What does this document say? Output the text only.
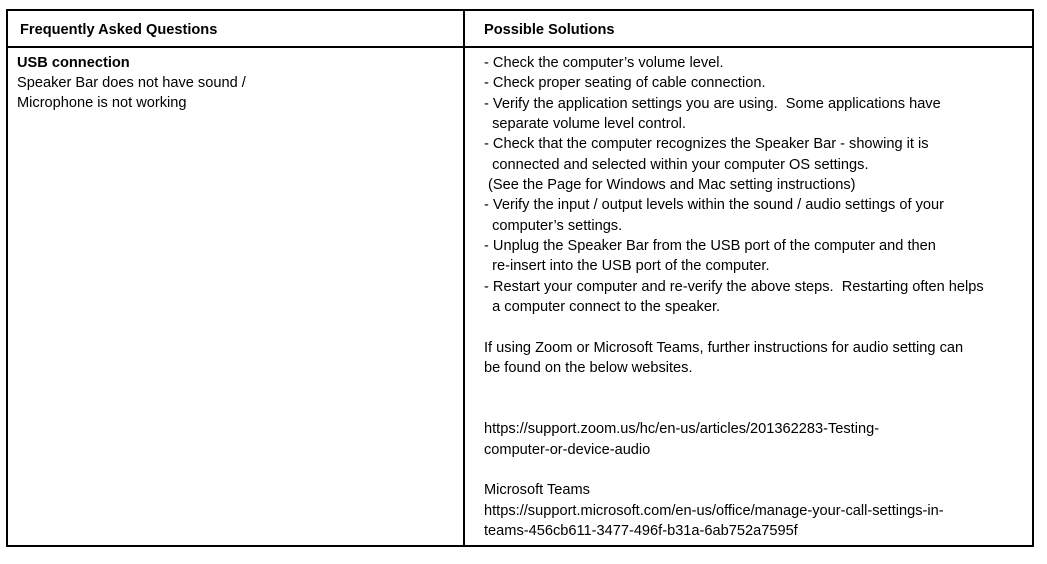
Frequently Asked Questions	Possible Solutions
USB connection
Speaker Bar does not have sound /
Microphone is not working
- Check the computer’s volume level.
- Check proper seating of cable connection.
- Verify the application settings you are using.  Some applications have
separate volume level control.
- Check that the computer recognizes the Speaker Bar - showing it is
connected and selected within your computer OS settings.
(See the Page for Windows and Mac setting instructions)
- Verify the input / output levels within the sound / audio settings of your
computer’s settings.
- Unplug the Speaker Bar from the USB port of the computer and then
re-insert into the USB port of the computer.
- Restart your computer and re-verify the above steps.  Restarting often helps
a computer connect to the speaker.
If using Zoom or Microsoft Teams, further instructions for audio setting can
be found on the below websites.
https://support.zoom.us/hc/en-us/articles/201362283-Testing-
computer-or-device-audio
Microsoft Teams
https://support.microsoft.com/en-us/office/manage-your-call-settings-in-
teams-456cb611-3477-496f-b31a-6ab752a7595f
